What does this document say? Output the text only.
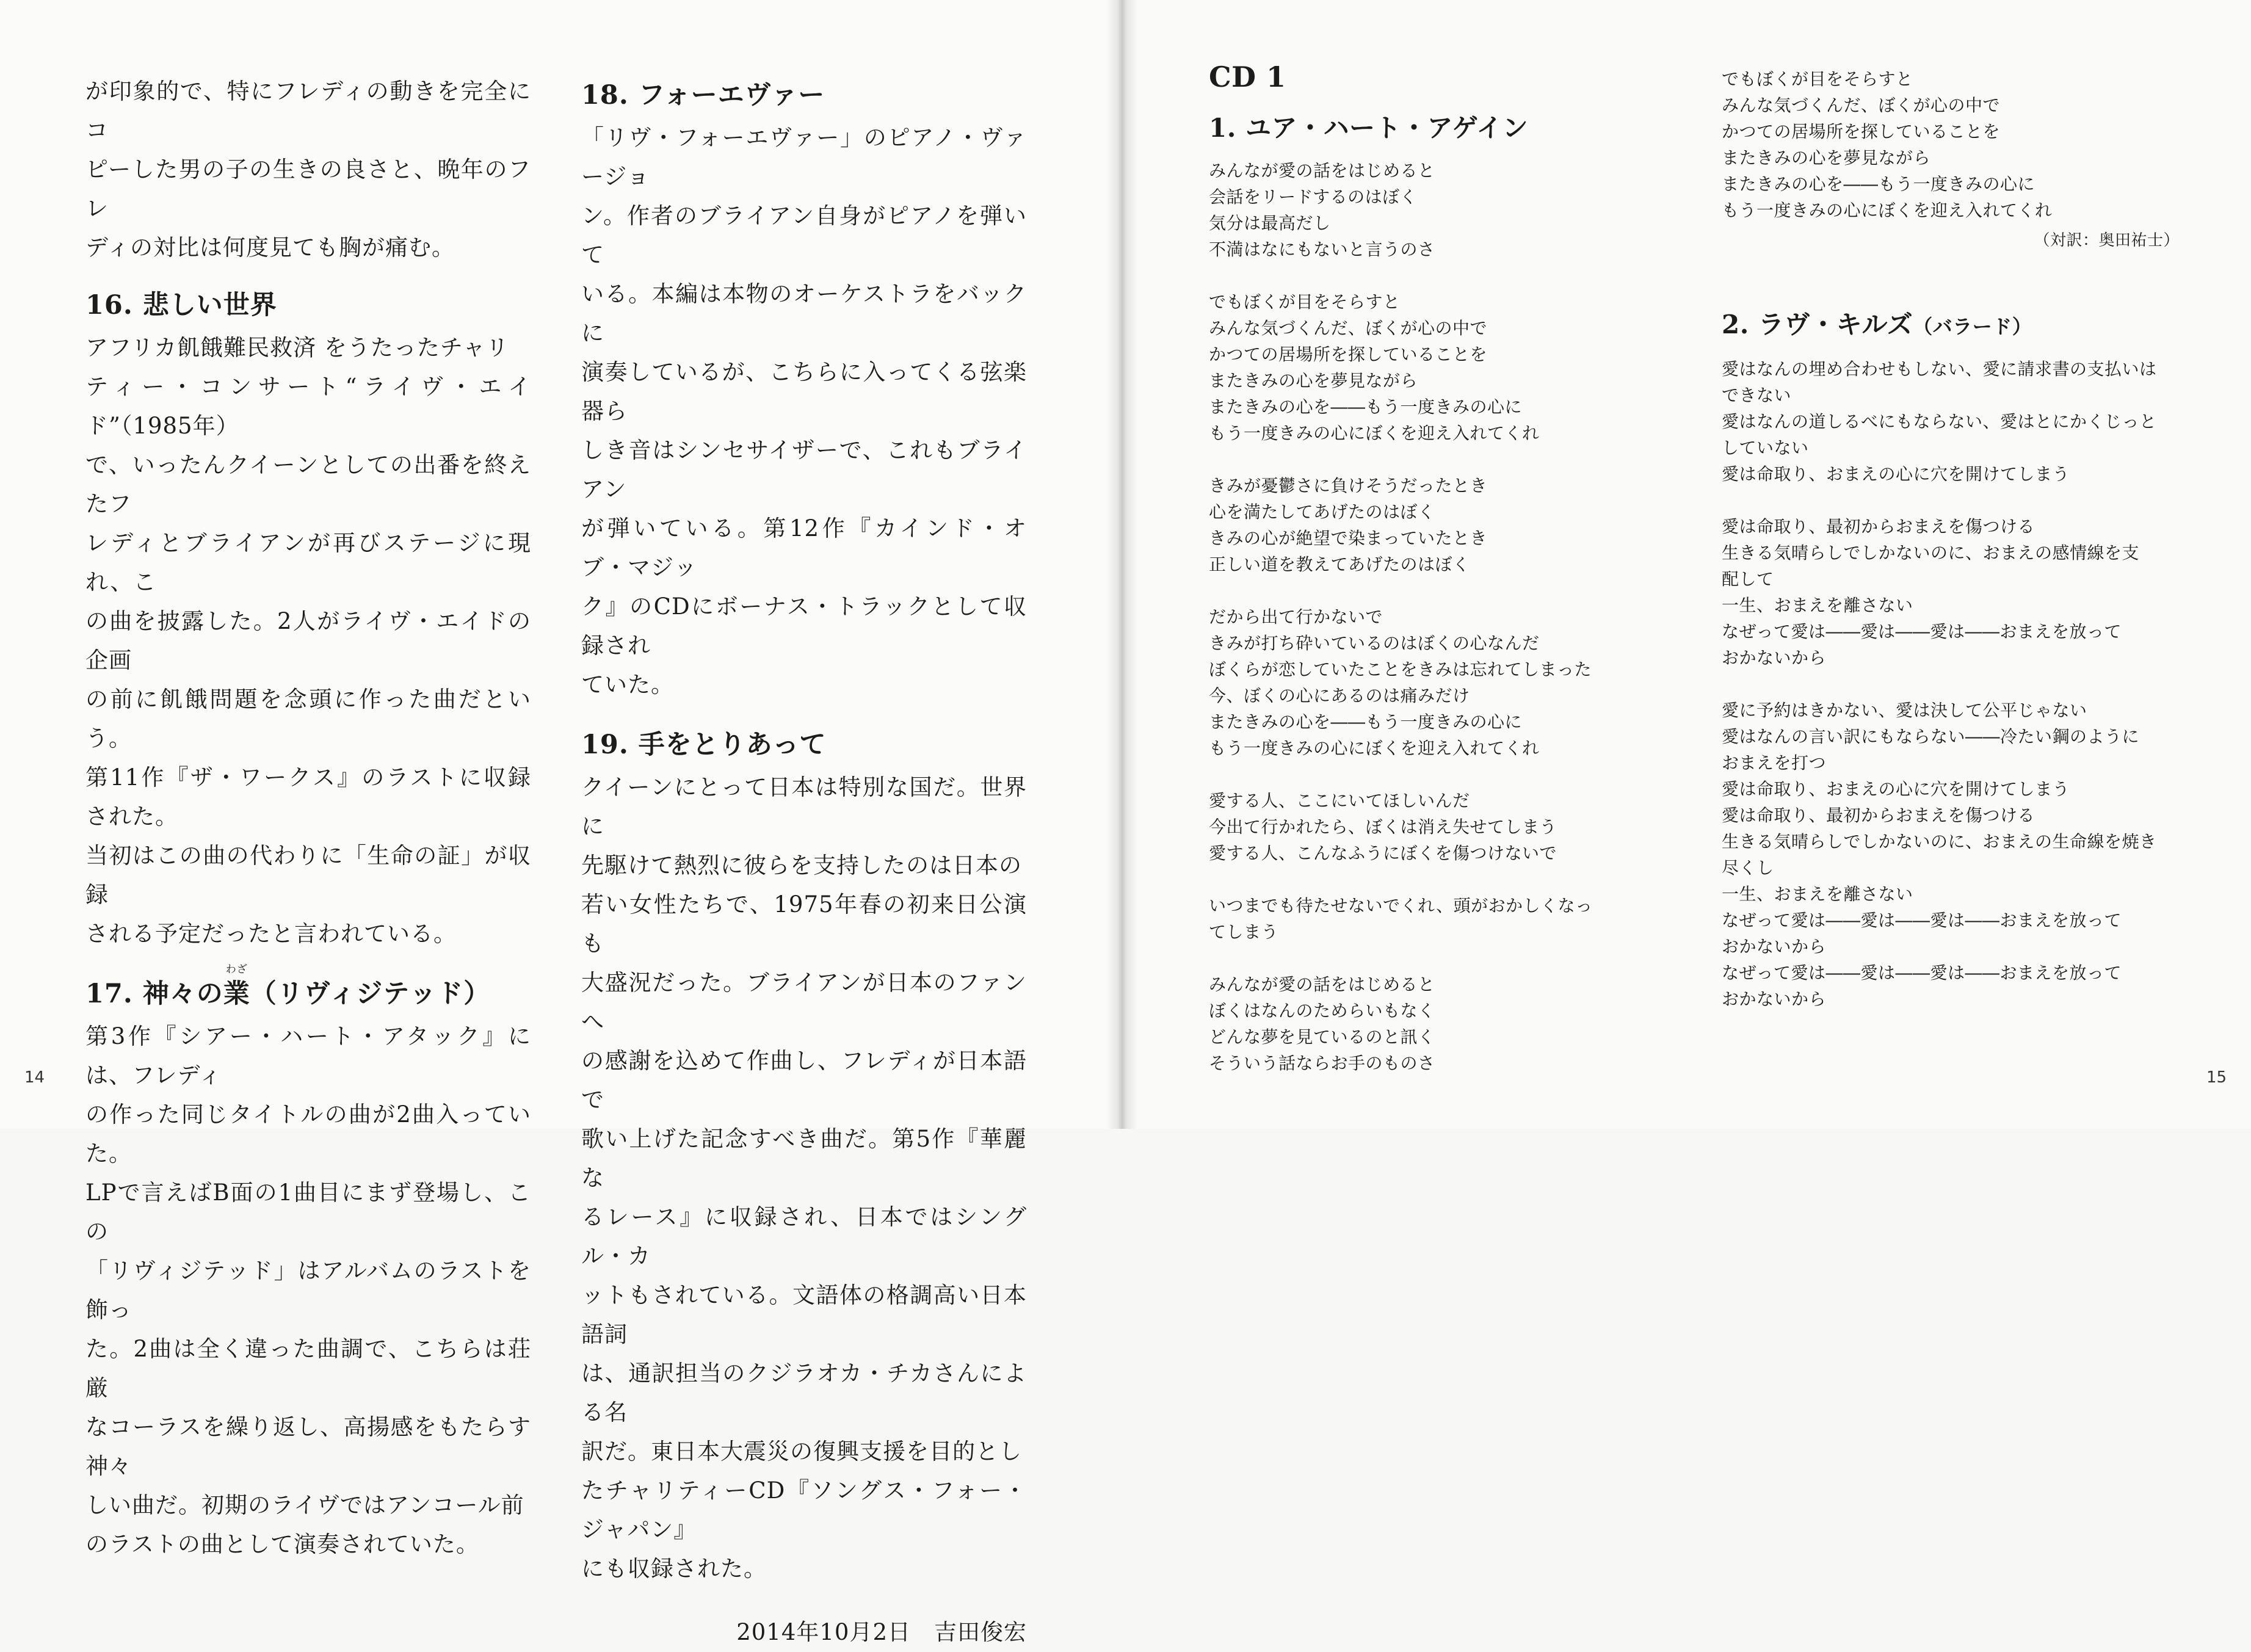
が印象的で、特にフレディの動きを完全にコ
ピーした男の子の生きの良さと、晩年のフレ
ディの対比は何度見ても胸が痛む。

16. 悲しい世界

アフリカ飢餓難民救済 をうたったチャリ
ティー・コンサート“ライヴ・エイド”（1985年）
で、いったんクイーンとしての出番を終えたフ
レディとブライアンが再びステージに現れ、こ
の曲を披露した。2人がライヴ・エイドの企画
の前に飢餓問題を念頭に作った曲だという。
第11作『ザ・ワークス』のラストに収録された。
当初はこの曲の代わりに「生命の証」が収録
される予定だったと言われている。

17. 神々の
わざ
業（リヴィジテッド）

第3作『シアー・ハート・アタック』には、フレディ
の作った同じタイトルの曲が2曲入っていた。
LPで言えばB面の1曲目にまず登場し、この
「リヴィジテッド」はアルバムのラストを飾っ
た。2曲は全く違った曲調で、こちらは荘厳
なコーラスを繰り返し、高揚感をもたらす神々
しい曲だ。初期のライヴではアンコール前
のラストの曲として演奏されていた。

18. フォーエヴァー

「リヴ・フォーエヴァー」のピアノ・ヴァージョ
ン。作者のブライアン自身がピアノを弾いて
いる。本編は本物のオーケストラをバックに
演奏しているが、こちらに入ってくる弦楽器ら
しき音はシンセサイザーで、これもブライアン
が弾いている。第12作『カインド・オブ・マジッ
ク』のCDにボーナス・トラックとして収録され
ていた。

19. 手をとりあって

クイーンにとって日本は特別な国だ。世界に
先駆けて熱烈に彼らを支持したのは日本の
若い女性たちで、1975年春の初来日公演も
大盛況だった。ブライアンが日本のファンへ
の感謝を込めて作曲し、フレディが日本語で
歌い上げた記念すべき曲だ。第5作『華麗な
るレース』に収録され、日本ではシングル・カ
ットもされている。文語体の格調高い日本語詞
は、通訳担当のクジラオカ・チカさんによる名
訳だ。東日本大震災の復興支援を目的とし
たチャリティーCD『ソングス・フォー・ジャパン』
にも収録された。

2014年10月2日　吉田俊宏
14
CD 1
1. ユア・ハート・アゲイン
みんなが愛の話をはじめると
会話をリードするのはぼく
気分は最高だし
不満はなにもないと言うのさ
でもぼくが目をそらすと
みんな気づくんだ、ぼくが心の中で
かつての居場所を探していることを
またきみの心を夢見ながら
またきみの心を――もう一度きみの心に
もう一度きみの心にぼくを迎え入れてくれ
きみが憂鬱さに負けそうだったとき
心を満たしてあげたのはぼく
きみの心が絶望で染まっていたとき
正しい道を教えてあげたのはぼく
だから出て行かないで
きみが打ち砕いているのはぼくの心なんだ
ぼくらが恋していたことをきみは忘れてしまった
今、ぼくの心にあるのは痛みだけ
またきみの心を――もう一度きみの心に
もう一度きみの心にぼくを迎え入れてくれ
愛する人、ここにいてほしいんだ
今出て行かれたら、ぼくは消え失せてしまう
愛する人、こんなふうにぼくを傷つけないで
いつまでも待たせないでくれ、頭がおかしくなってしまう
みんなが愛の話をはじめると
ぼくはなんのためらいもなく
どんな夢を見ているのと訊く
そういう話ならお手のものさ
でもぼくが目をそらすと
みんな気づくんだ、ぼくが心の中で
かつての居場所を探していることを
またきみの心を夢見ながら
またきみの心を――もう一度きみの心に
もう一度きみの心にぼくを迎え入れてくれ
（対訳：奥田祐士）
2. ラヴ・キルズ（バラード）
愛はなんの埋め合わせもしない、愛に請求書の支払いは
できない
愛はなんの道しるべにもならない、愛はとにかくじっと
していない
愛は命取り、おまえの心に穴を開けてしまう
愛は命取り、最初からおまえを傷つける
生きる気晴らしでしかないのに、おまえの感情線を支
配して
一生、おまえを離さない
なぜって愛は――愛は――愛は――おまえを放って
おかないから
愛に予約はきかない、愛は決して公平じゃない
愛はなんの言い訳にもならない――冷たい鋼のように
おまえを打つ
愛は命取り、おまえの心に穴を開けてしまう
愛は命取り、最初からおまえを傷つける
生きる気晴らしでしかないのに、おまえの生命線を焼き
尽くし
一生、おまえを離さない
なぜって愛は――愛は――愛は――おまえを放って
おかないから
なぜって愛は――愛は――愛は――おまえを放って
おかないから
15
